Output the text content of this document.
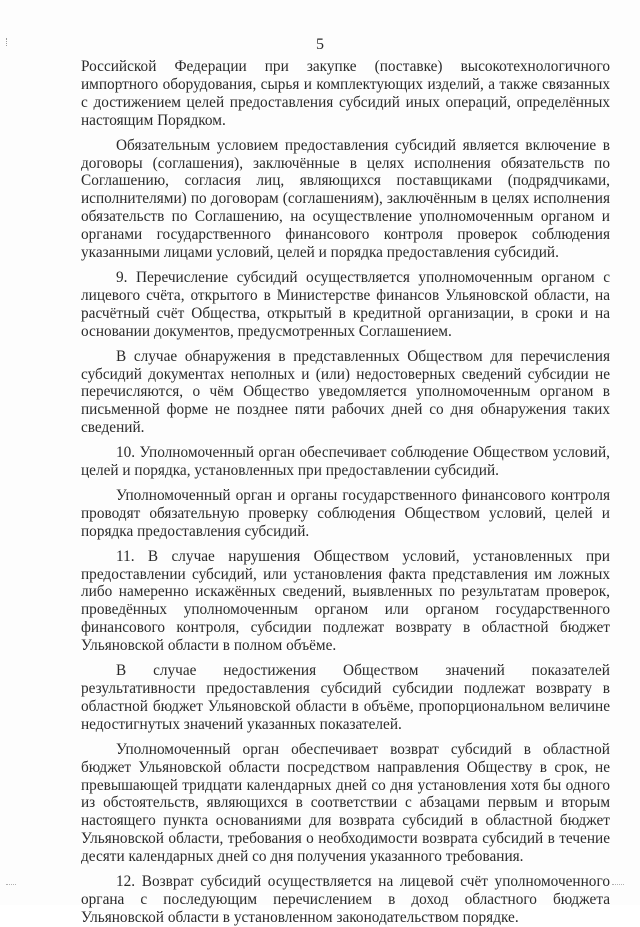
5

Российской Федерации при закупке (поставке) высокотехнологичного импортного оборудования, сырья и комплектующих изделий, а также связанных с достижением целей предоставления субсидий иных операций, определённых настоящим Порядком.

Обязательным условием предоставления субсидий является включение в договоры (соглашения), заключённые в целях исполнения обязательств по Соглашению, согласия лиц, являющихся поставщиками (подрядчиками, исполнителями) по договорам (соглашениям), заключённым в целях исполнения обязательств по Соглашению, на осуществление уполномоченным органом и органами государственного финансового контроля проверок соблюдения указанными лицами условий, целей и порядка предоставления субсидий.

9. Перечисление субсидий осуществляется уполномоченным органом с лицевого счёта, открытого в Министерстве финансов Ульяновской области, на расчётный счёт Общества, открытый в кредитной организации, в сроки и на основании документов, предусмотренных Соглашением.

В случае обнаружения в представленных Обществом для перечисления субсидий документах неполных и (или) недостоверных сведений субсидии не перечисляются, о чём Общество уведомляется уполномоченным органом в письменной форме не позднее пяти рабочих дней со дня обнаружения таких сведений.

10. Уполномоченный орган обеспечивает соблюдение Обществом условий, целей и порядка, установленных при предоставлении субсидий.

Уполномоченный орган и органы государственного финансового контроля проводят обязательную проверку соблюдения Обществом условий, целей и порядка предоставления субсидий.

11. В случае нарушения Обществом условий, установленных при предоставлении субсидий, или установления факта представления им ложных либо намеренно искажённых сведений, выявленных по результатам проверок, проведённых уполномоченным органом или органом государственного финансового контроля, субсидии подлежат возврату в областной бюджет Ульяновской области в полном объёме.

В случае недостижения Обществом значений показателей результативности предоставления субсидий субсидии подлежат возврату в областной бюджет Ульяновской области в объёме, пропорциональном величине недостигнутых значений указанных показателей.

Уполномоченный орган обеспечивает возврат субсидий в областной бюджет Ульяновской области посредством направления Обществу в срок, не превышающей тридцати календарных дней со дня установления хотя бы одного из обстоятельств, являющихся в соответствии с абзацами первым и вторым настоящего пункта основаниями для возврата субсидий в областной бюджет Ульяновской области, требования о необходимости возврата субсидий в течение десяти календарных дней со дня получения указанного требования.

12. Возврат субсидий осуществляется на лицевой счёт уполномоченного органа с последующим перечислением в доход областного бюджета Ульяновской области в установленном законодательством порядке.
